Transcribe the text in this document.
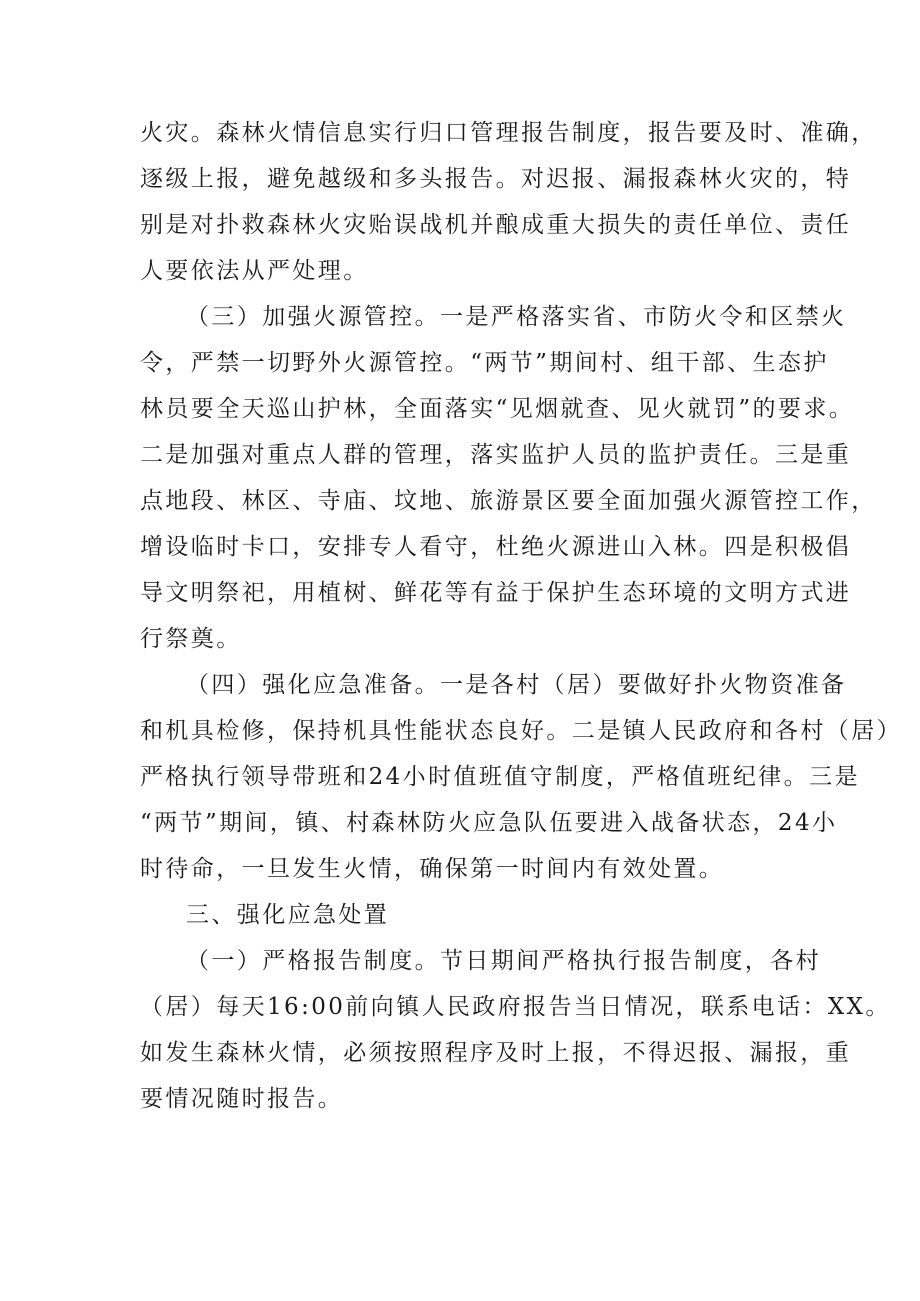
火灾。森林火情信息实行归口管理报告制度，报告要及时、准确，
逐级上报，避免越级和多头报告。对迟报、漏报森林火灾的，特
别是对扑救森林火灾贻误战机并酿成重大损失的责任单位、责任
人要依法从严处理。
（三）加强火源管控。一是严格落实省、市防火令和区禁火
令，严禁一切野外火源管控。“两节”期间村、组干部、生态护
林员要全天巡山护林，全面落实“见烟就查、见火就罚”的要求。
二是加强对重点人群的管理，落实监护人员的监护责任。三是重
点地段、林区、寺庙、坟地、旅游景区要全面加强火源管控工作，
增设临时卡口，安排专人看守，杜绝火源进山入林。四是积极倡
导文明祭祀，用植树、鲜花等有益于保护生态环境的文明方式进
行祭奠。
（四）强化应急准备。一是各村（居）要做好扑火物资准备
和机具检修，保持机具性能状态良好。二是镇人民政府和各村（居）
严格执行领导带班和24小时值班值守制度，严格值班纪律。三是
“两节”期间，镇、村森林防火应急队伍要进入战备状态，24小
时待命，一旦发生火情，确保第一时间内有效处置。
三、强化应急处置
（一）严格报告制度。节日期间严格执行报告制度，各村
（居）每天16:00前向镇人民政府报告当日情况，联系电话：XX。
如发生森林火情，必须按照程序及时上报，不得迟报、漏报，重
要情况随时报告。
